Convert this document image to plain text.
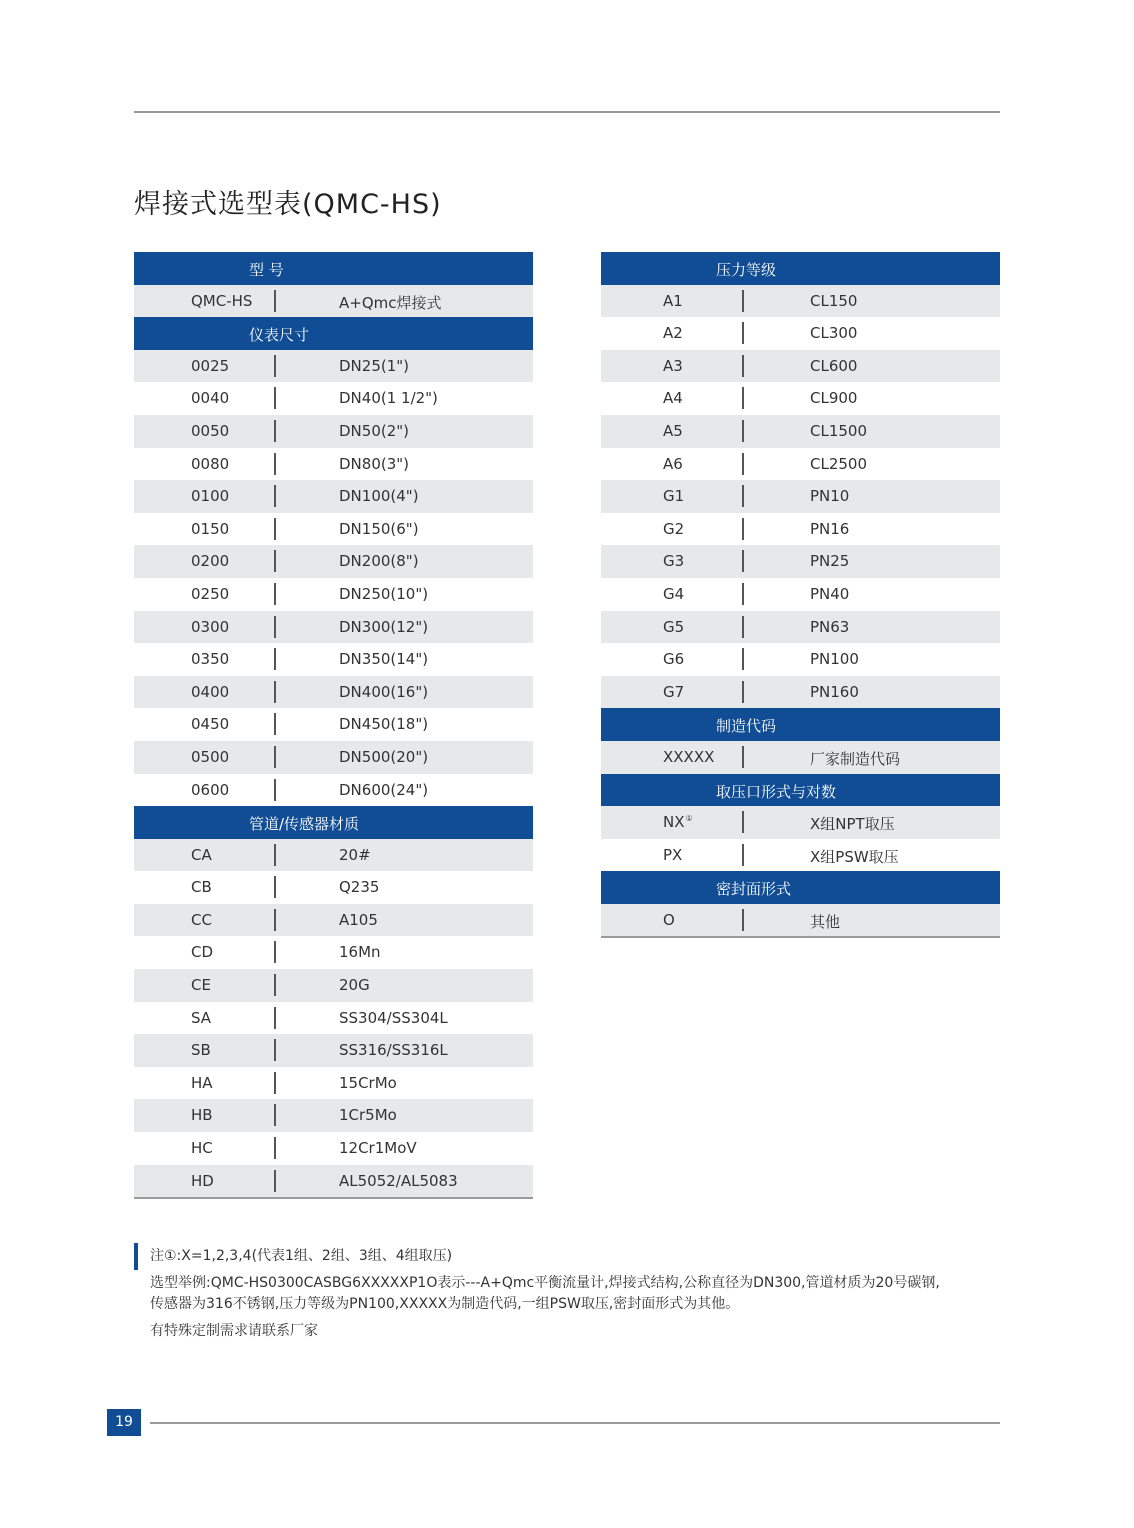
焊接式选型表(QMC-HS)
型 号
QMC-HS	A+Qmc焊接式
仪表尺寸
0025	DN25(1")
0040	DN40(1 1/2")
0050	DN50(2")
0080	DN80(3")
0100	DN100(4")
0150	DN150(6")
0200	DN200(8")
0250	DN250(10")
0300	DN300(12")
0350	DN350(14")
0400	DN400(16")
0450	DN450(18")
0500	DN500(20")
0600	DN600(24")
管道/传感器材质
CA	20#
CB	Q235
CC	A105
CD	16Mn
CE	20G
SA	SS304/SS304L
SB	SS316/SS316L
HA	15CrMo
HB	1Cr5Mo
HC	12Cr1MoV
HD	AL5052/AL5083
压力等级
A1	CL150
A2	CL300
A3	CL600
A4	CL900
A5	CL1500
A6	CL2500
G1	PN10
G2	PN16
G3	PN25
G4	PN40
G5	PN63
G6	PN100
G7	PN160
制造代码
XXXXX	厂家制造代码
取压口形式与对数
NX①	X组NPT取压
PX	X组PSW取压
密封面形式
O	其他
注①:X=1,2,3,4(代表1组、2组、3组、4组取压)
选型举例:QMC-HS0300CASBG6XXXXXP1O表示---A+Qmc平衡流量计,焊接式结构,公称直径为DN300,管道材质为20号碳钢,
传感器为316不锈钢,压力等级为PN100,XXXXX为制造代码,一组PSW取压,密封面形式为其他。
有特殊定制需求请联系厂家
19
